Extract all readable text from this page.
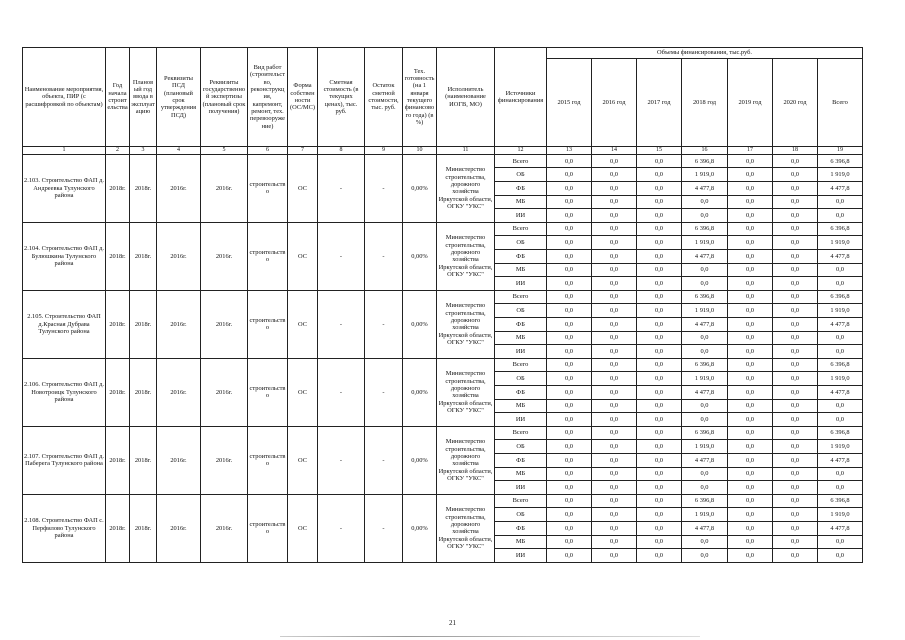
Наименование мероприятия, объекта, ПИР (с расшифровкой по объектам)	Год начала строительства	Плановый год ввода в эксплуатацию	Реквизиты ПСД (плановый срок утверждения ПСД)	Реквизиты государственной экспертизы (плановый срок получения)	Вид работ (строительство, реконструкция, капремонт, ремонт, тех. перевооружение)	Форма собственности (ОС/МС)	Сметная стоимость (в текущих ценах), тыс. руб.	Остаток сметной стоимости, тыс. руб.	Тех. готовность (на 1 января текущего финансового года) (в %)	Исполнитель (наименование ИОГВ, МО)	Источники финансирования	Объемы финансирования, тыс.руб.						
												2015 год	2016 год	2017 год	2018 год	2019 год	2020 год	Всего
1	2	3	4	5	6	7	8	9	10	11	12	13	14	15	16	17	18	19
2.103. Строительство ФАП д. Андреевка Тулунского района	2018г.	2018г.	2016г.	2016г.	строительство	ОС	-	-	0,00%	Министерство строительства, дорожного хозяйства Иркутской области, ОГКУ "УКС"	Всего	0,0	0,0	0,0	6 396,8	0,0	0,0	6 396,8
											ОБ	0,0	0,0	0,0	1 919,0	0,0	0,0	1 919,0
											ФБ	0,0	0,0	0,0	4 477,8	0,0	0,0	4 477,8
											МБ	0,0	0,0	0,0	0,0	0,0	0,0	0,0
											ИИ	0,0	0,0	0,0	0,0	0,0	0,0	0,0
2.104. Строительство ФАП д. Булюшкина Тулунского района	2018г.	2018г.	2016г.	2016г.	строительство	ОС	-	-	0,00%	Министерство строительства, дорожного хозяйства Иркутской области, ОГКУ "УКС"	Всего	0,0	0,0	0,0	6 396,8	0,0	0,0	6 396,8
											ОБ	0,0	0,0	0,0	1 919,0	0,0	0,0	1 919,0
											ФБ	0,0	0,0	0,0	4 477,8	0,0	0,0	4 477,8
											МБ	0,0	0,0	0,0	0,0	0,0	0,0	0,0
											ИИ	0,0	0,0	0,0	0,0	0,0	0,0	0,0
2.105. Строительство ФАП д.Красная Дубрава Тулунского района	2018г.	2018г.	2016г.	2016г.	строительство	ОС	-	-	0,00%	Министерство строительства, дорожного хозяйства Иркутской области, ОГКУ "УКС"	Всего	0,0	0,0	0,0	6 396,8	0,0	0,0	6 396,8
											ОБ	0,0	0,0	0,0	1 919,0	0,0	0,0	1 919,0
											ФБ	0,0	0,0	0,0	4 477,8	0,0	0,0	4 477,8
											МБ	0,0	0,0	0,0	0,0	0,0	0,0	0,0
											ИИ	0,0	0,0	0,0	0,0	0,0	0,0	0,0
2.106. Строительство ФАП д. Новотроицк Тулунского района	2018г.	2018г.	2016г.	2016г.	строительство	ОС	-	-	0,00%	Министерство строительства, дорожного хозяйства Иркутской области, ОГКУ "УКС"	Всего	0,0	0,0	0,0	6 396,8	0,0	0,0	6 396,8
											ОБ	0,0	0,0	0,0	1 919,0	0,0	0,0	1 919,0
											ФБ	0,0	0,0	0,0	4 477,8	0,0	0,0	4 477,8
											МБ	0,0	0,0	0,0	0,0	0,0	0,0	0,0
											ИИ	0,0	0,0	0,0	0,0	0,0	0,0	0,0
2.107. Строительство ФАП д. Паберега Тулунского района	2018г.	2018г.	2016г.	2016г.	строительство	ОС	-	-	0,00%	Министерство строительства, дорожного хозяйства Иркутской области, ОГКУ "УКС"	Всего	0,0	0,0	0,0	6 396,8	0,0	0,0	6 396,8
											ОБ	0,0	0,0	0,0	1 919,0	0,0	0,0	1 919,0
											ФБ	0,0	0,0	0,0	4 477,8	0,0	0,0	4 477,8
											МБ	0,0	0,0	0,0	0,0	0,0	0,0	0,0
											ИИ	0,0	0,0	0,0	0,0	0,0	0,0	0,0
2.108. Строительство ФАП с. Перфилово Тулунского района	2018г.	2018г.	2016г.	2016г.	строительство	ОС	-	-	0,00%	Министерство строительства, дорожного хозяйства Иркутской области, ОГКУ "УКС"	Всего	0,0	0,0	0,0	6 396,8	0,0	0,0	6 396,8
											ОБ	0,0	0,0	0,0	1 919,0	0,0	0,0	1 919,0
											ФБ	0,0	0,0	0,0	4 477,8	0,0	0,0	4 477,8
											МБ	0,0	0,0	0,0	0,0	0,0	0,0	0,0
											ИИ	0,0	0,0	0,0	0,0	0,0	0,0	0,0
21
